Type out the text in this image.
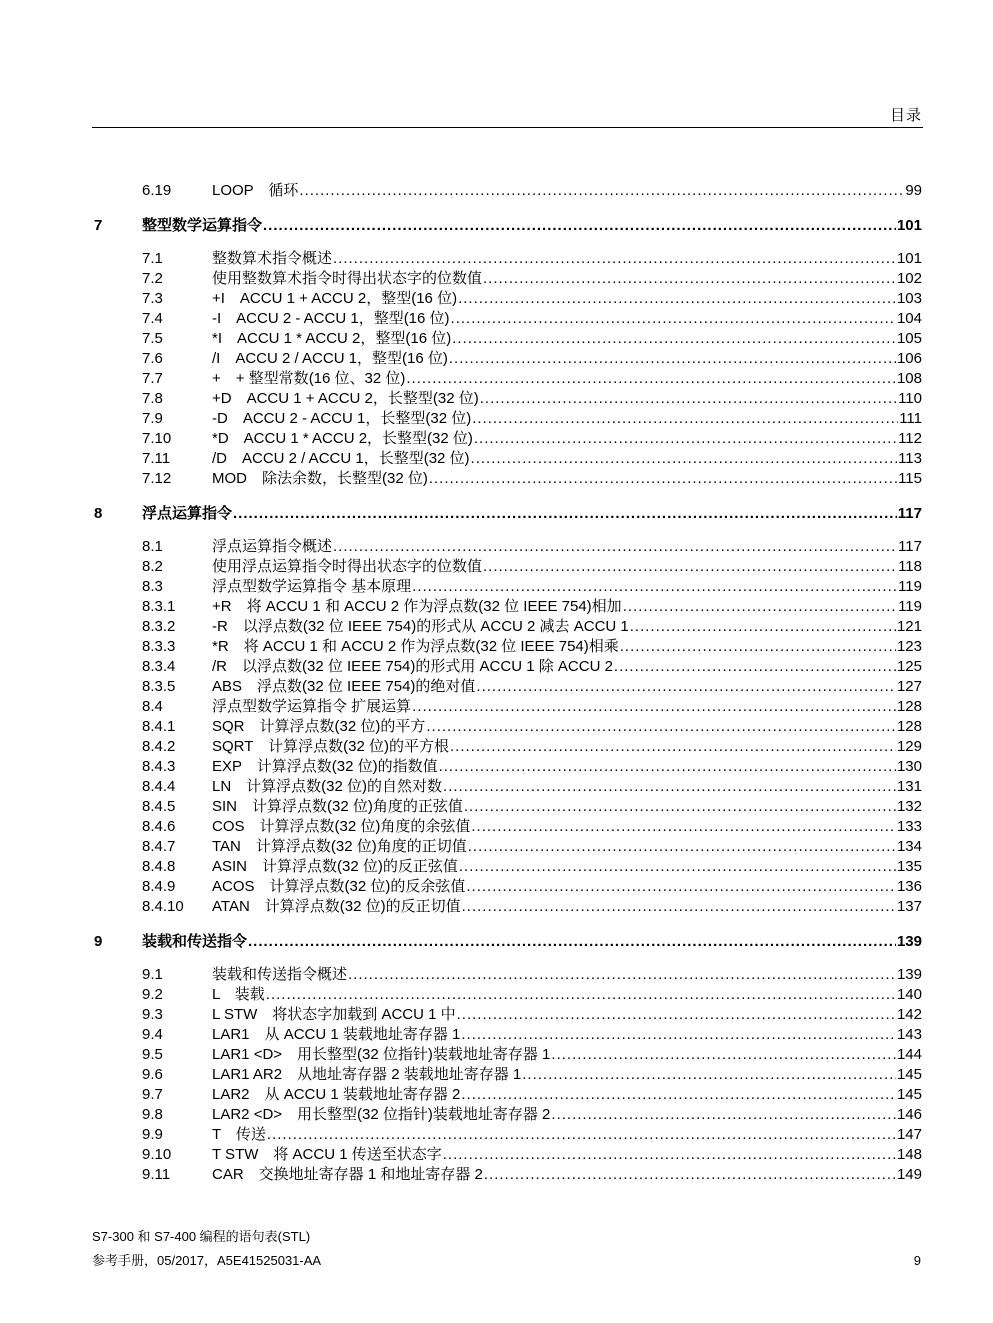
目录
6.19	LOOP　循环 .....	99
7	整型数学运算指令 .....	101
7.1	整数算术指令概述 .....	101
7.2	使用整数算术指令时得出状态字的位数值 .....	102
7.3	+I　ACCU 1 + ACCU 2，整型(16 位) .....	103
7.4	-I　ACCU 2 - ACCU 1，整型(16 位) .....	104
7.5	*I　ACCU 1 * ACCU 2，整型(16 位) .....	105
7.6	/I　ACCU 2 / ACCU 1，整型(16 位) .....	106
7.7	+　+ 整型常数(16 位、32 位) .....	108
7.8	+D　ACCU 1 + ACCU 2，长整型(32 位) .....	110
7.9	-D　ACCU 2 - ACCU 1，长整型(32 位) .....	111
7.10	*D　ACCU 1 * ACCU 2，长整型(32 位) .....	112
7.11	/D　ACCU 2 / ACCU 1，长整型(32 位) .....	113
7.12	MOD　除法余数，长整型(32 位) .....	115
8	浮点运算指令 .....	117
8.1	浮点运算指令概述 .....	117
8.2	使用浮点运算指令时得出状态字的位数值 .....	118
8.3	浮点型数学运算指令 基本原理 .....	119
8.3.1 +R　将 ACCU 1 和 ACCU 2 作为浮点数(32 位 IEEE 754)相加 .....	119
8.3.2 -R　以浮点数(32 位 IEEE 754)的形式从 ACCU 2 减去 ACCU 1 .....	121
8.3.3 *R　将 ACCU 1 和 ACCU 2 作为浮点数(32 位 IEEE 754)相乘 .....	123
8.3.4 /R　以浮点数(32 位 IEEE 754)的形式用 ACCU 1 除 ACCU 2 .....	125
8.3.5 ABS　浮点数(32 位 IEEE 754)的绝对值 .....	127
8.4	浮点型数学运算指令 扩展运算 .....	128
8.4.1 SQR　计算浮点数(32 位)的平方 .....	128
8.4.2 SQRT　计算浮点数(32 位)的平方根 .....	129
8.4.3 EXP　计算浮点数(32 位)的指数值 .....	130
8.4.4 LN　计算浮点数(32 位)的自然对数 .....	131
8.4.5 SIN　计算浮点数(32 位)角度的正弦值 .....	132
8.4.6 COS　计算浮点数(32 位)角度的余弦值 .....	133
8.4.7 TAN　计算浮点数(32 位)角度的正切值 .....	134
8.4.8 ASIN　计算浮点数(32 位)的反正弦值 .....	135
8.4.9 ACOS　计算浮点数(32 位)的反余弦值 .....	136
8.4.10 ATAN　计算浮点数(32 位)的反正切值 .....	137
9	装载和传送指令 .....	139
9.1	装载和传送指令概述 .....	139
9.2	L　装载 .....	140
9.3	L STW　将状态字加载到 ACCU 1 中 .....	142
9.4	LAR1　从 ACCU 1 装载地址寄存器 1 .....	143
9.5	LAR1 <D>　用长整型(32 位指针)装载地址寄存器 1 .....	144
9.6	LAR1 AR2　从地址寄存器 2 装载地址寄存器 1 .....	145
9.7	LAR2　从 ACCU 1 装载地址寄存器 2 .....	145
9.8	LAR2 <D>　用长整型(32 位指针)装载地址寄存器 2 .....	146
9.9	T　传送 .....	147
9.10	T STW　将 ACCU 1 传送至状态字 .....	148
9.11	CAR　交换地址寄存器 1 和地址寄存器 2 .....	149
S7-300 和 S7-400 编程的语句表(STL)
参考手册，05/2017，A5E41525031-AA	9
